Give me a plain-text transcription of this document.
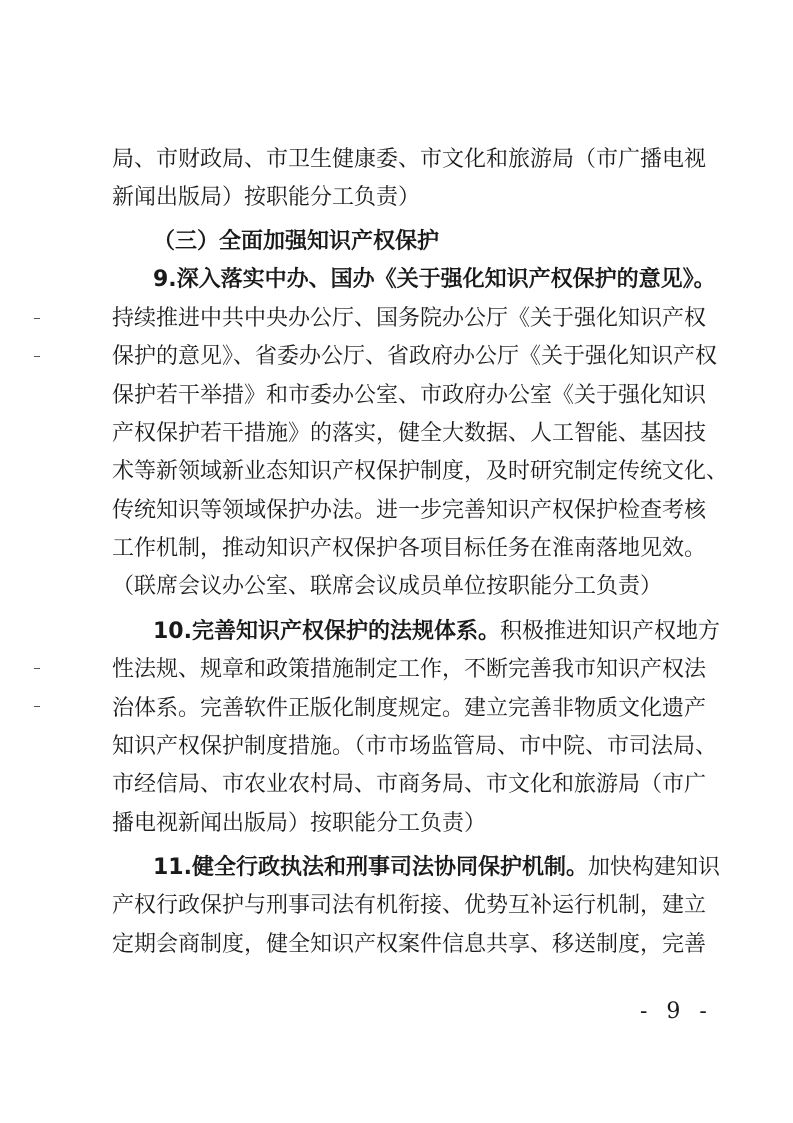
局、市财政局、市卫生健康委、市文化和旅游局（市广播电视
新闻出版局）按职能分工负责）
（三）全面加强知识产权保护
9.深入落实中办、国办《关于强化知识产权保护的意见》。
持续推进中共中央办公厅、国务院办公厅《关于强化知识产权
保护的意见》、省委办公厅、省政府办公厅《关于强化知识产权
保护若干举措》和市委办公室、市政府办公室《关于强化知识
产权保护若干措施》的落实，健全大数据、人工智能、基因技
术等新领域新业态知识产权保护制度，及时研究制定传统文化、
传统知识等领域保护办法。进一步完善知识产权保护检查考核
工作机制，推动知识产权保护各项目标任务在淮南落地见效。
（联席会议办公室、联席会议成员单位按职能分工负责）
10.完善知识产权保护的法规体系。积极推进知识产权地方
性法规、规章和政策措施制定工作，不断完善我市知识产权法
治体系。完善软件正版化制度规定。建立完善非物质文化遗产
知识产权保护制度措施。（市市场监管局、市中院、市司法局、
市经信局、市农业农村局、市商务局、市文化和旅游局（市广
播电视新闻出版局）按职能分工负责）
11.健全行政执法和刑事司法协同保护机制。加快构建知识
产权行政保护与刑事司法有机衔接、优势互补运行机制，建立
定期会商制度，健全知识产权案件信息共享、移送制度，完善
- 9 -
